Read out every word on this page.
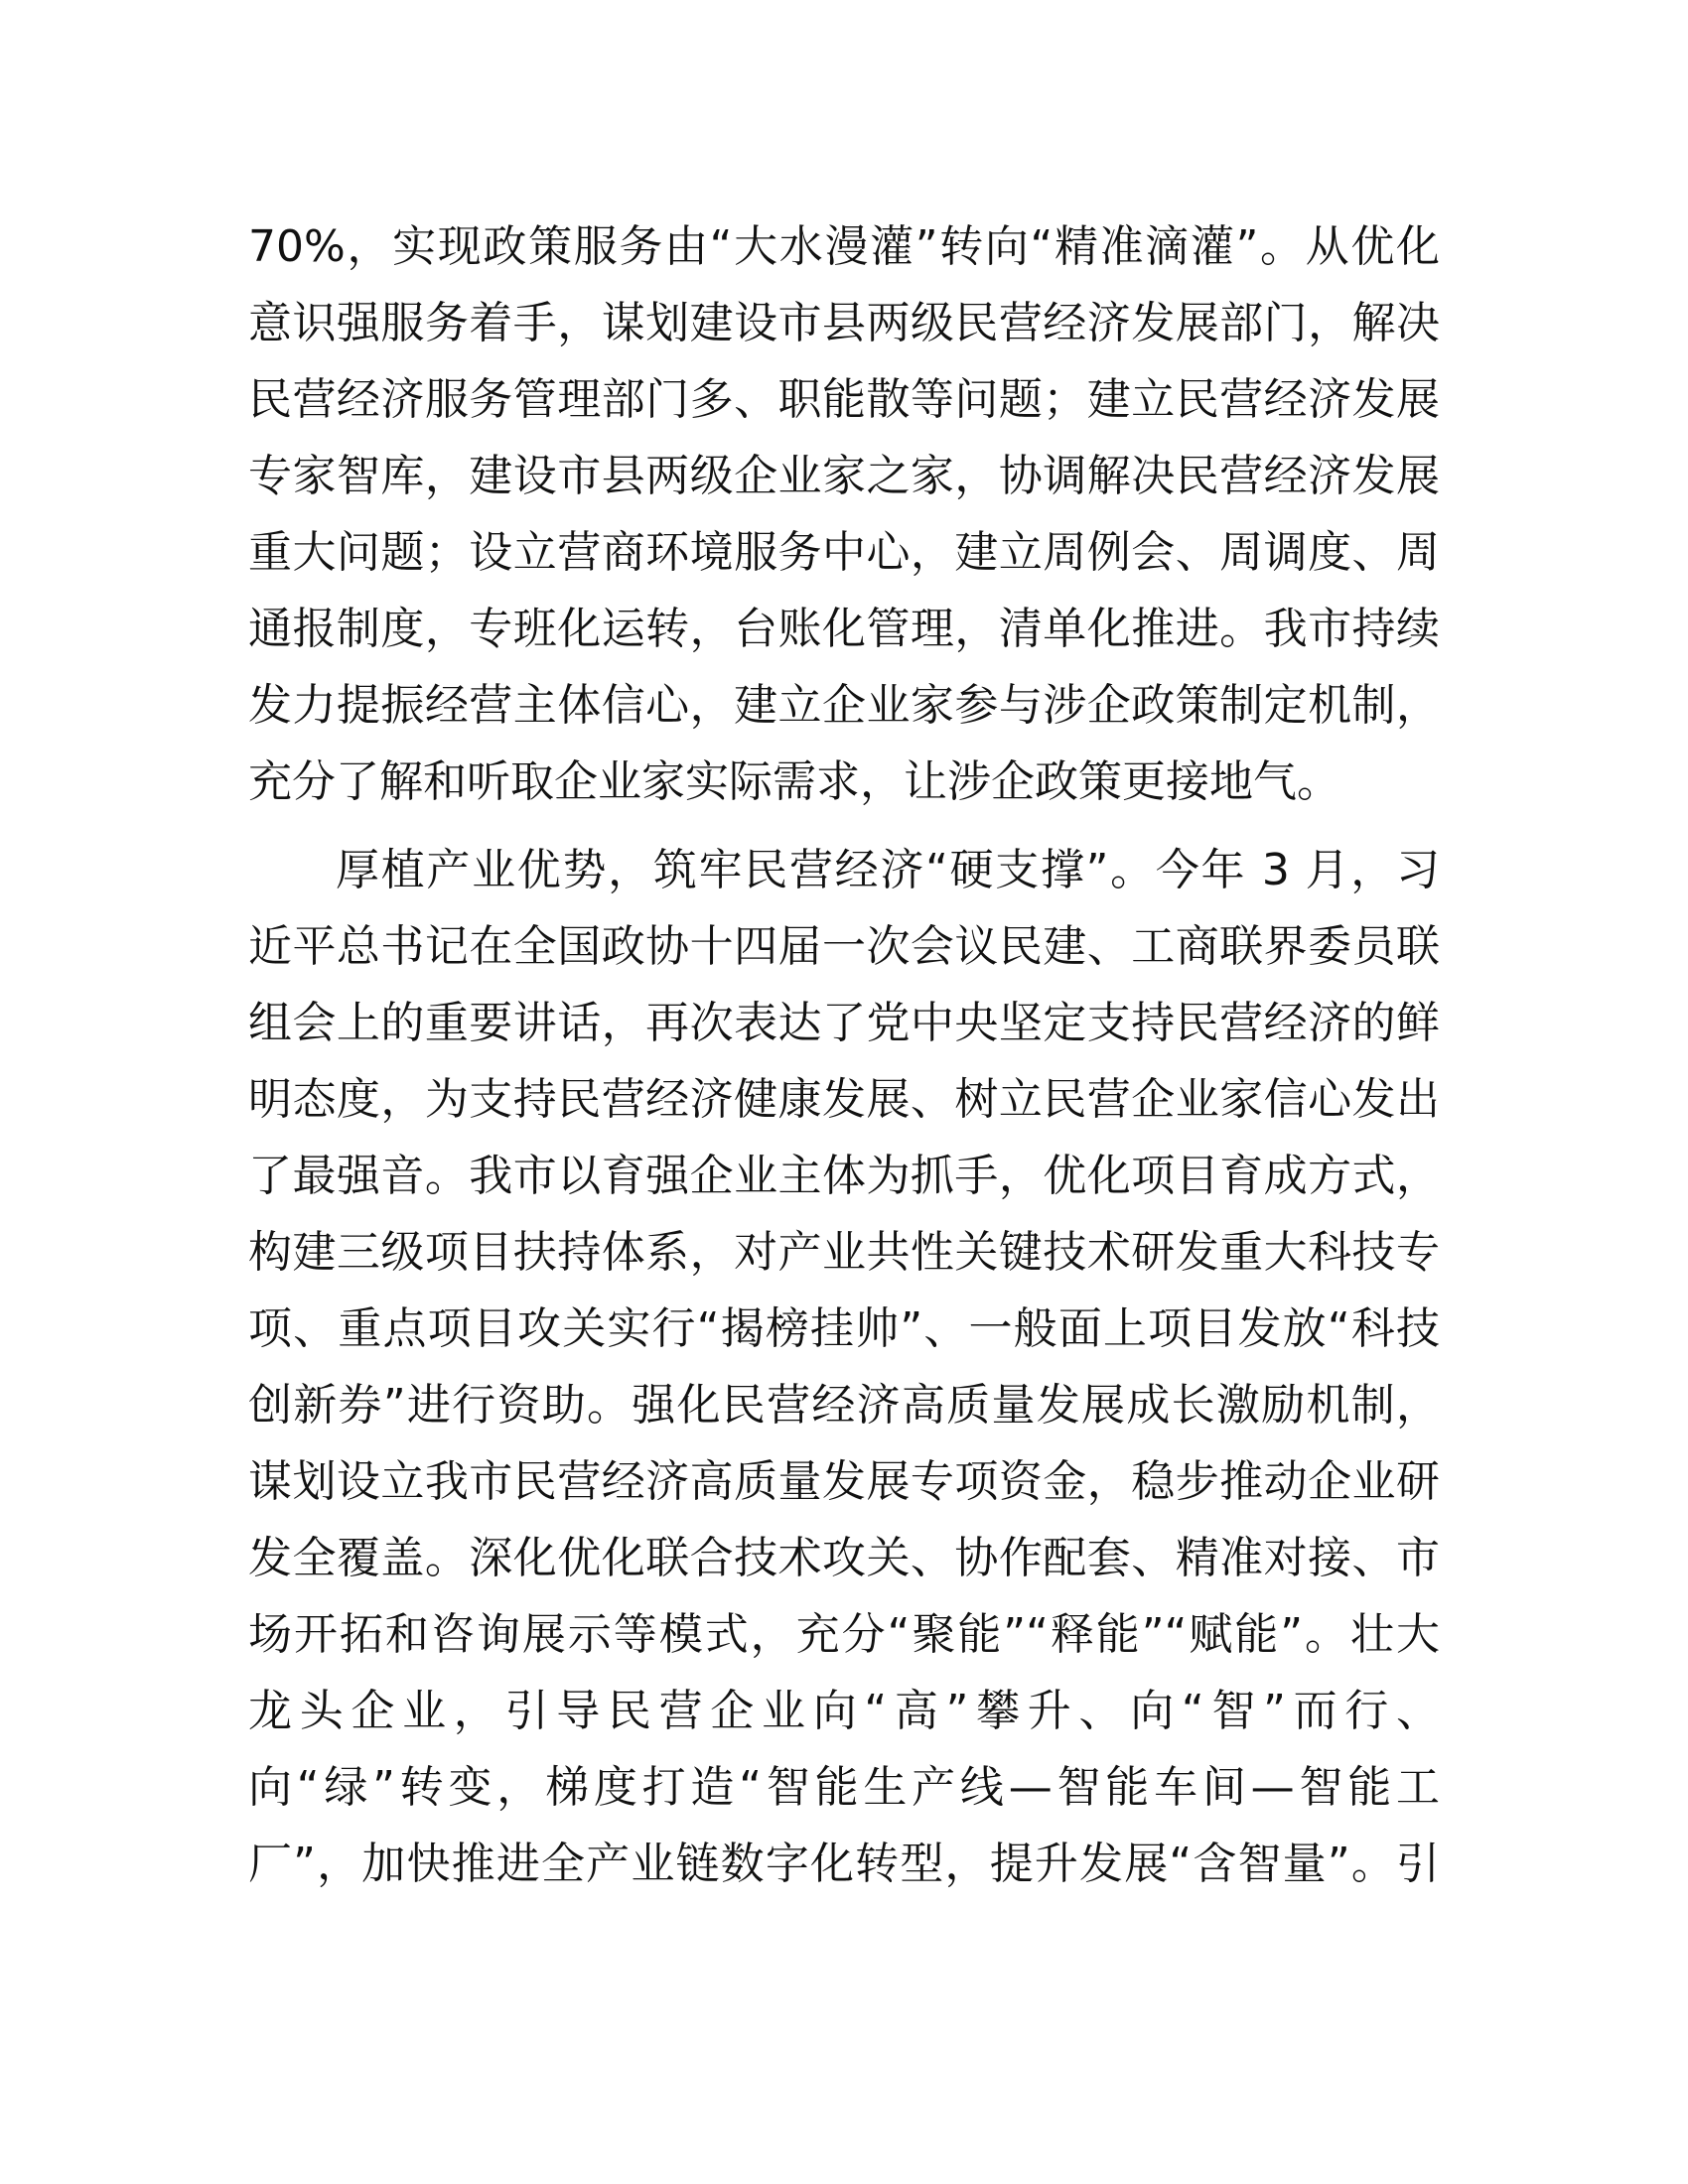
70%，实现政策服务由“大水漫灌”转向“精准滴灌”。从优化
意识强服务着手，谋划建设市县两级民营经济发展部门，解决
民营经济服务管理部门多、职能散等问题；建立民营经济发展
专家智库，建设市县两级企业家之家，协调解决民营经济发展
重大问题；设立营商环境服务中心，建立周例会、周调度、周
通报制度，专班化运转，台账化管理，清单化推进。我市持续
发力提振经营主体信心，建立企业家参与涉企政策制定机制，
充分了解和听取企业家实际需求，让涉企政策更接地气。
厚植产业优势，筑牢民营经济“硬支撑”。今年 3 月，习
近平总书记在全国政协十四届一次会议民建、工商联界委员联
组会上的重要讲话，再次表达了党中央坚定支持民营经济的鲜
明态度，为支持民营经济健康发展、树立民营企业家信心发出
了最强音。我市以育强企业主体为抓手，优化项目育成方式，
构建三级项目扶持体系，对产业共性关键技术研发重大科技专
项、重点项目攻关实行“揭榜挂帅”、一般面上项目发放“科技
创新券”进行资助。强化民营经济高质量发展成长激励机制，
谋划设立我市民营经济高质量发展专项资金，稳步推动企业研
发全覆盖。深化优化联合技术攻关、协作配套、精准对接、市
场开拓和咨询展示等模式，充分“聚能”“释能”“赋能”。壮大
龙头企业，引导民营企业向“高”攀升、向“智”而行、
向“绿”转变，梯度打造“智能生产线—智能车间—智能工
厂”，加快推进全产业链数字化转型，提升发展“含智量”。引
